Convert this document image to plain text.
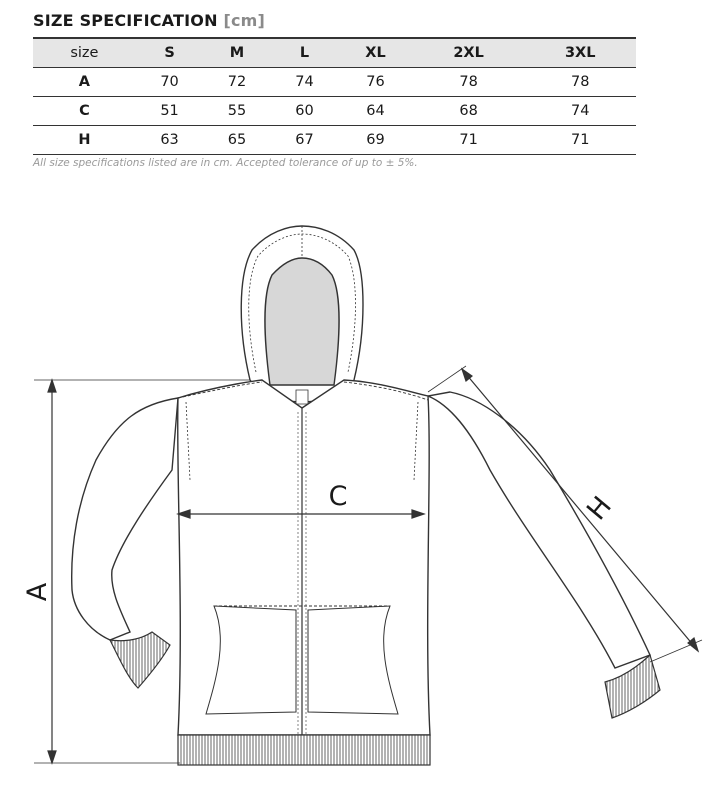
SIZE SPECIFICATION [cm]
size	S	M	L	XL	2XL	3XL
A	70	72	74	76	78	78
C	51	55	60	64	68	74
H	63	65	67	69	71	71
All size specifications listed are in cm. Accepted tolerance of up to ± 5%.
A
C	H
